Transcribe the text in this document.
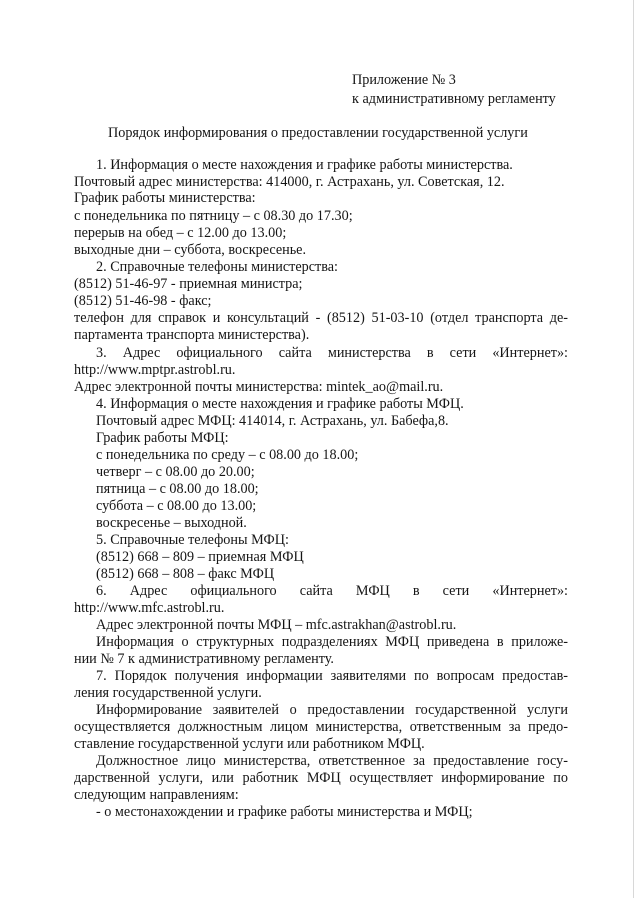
Приложение № 3
к административному регламенту
Порядок информирования о предоставлении государственной услуги
1. Информация о месте нахождения и графике работы министерства.
Почтовый адрес министерства: 414000, г. Астрахань, ул. Советская, 12.
График работы министерства:
с понедельника по пятницу – с 08.30 до 17.30;
перерыв на обед – с 12.00 до 13.00;
выходные дни – суббота, воскресенье.
2. Справочные телефоны министерства:
(8512) 51-46-97 - приемная министра;
(8512) 51-46-98 - факс;
телефон для справок и консультаций - (8512) 51-03-10 (отдел транспорта де-
партамента транспорта министерства).
3. Адрес официального сайта министерства в сети «Интернет»:
http://www.mptpr.astrobl.ru.
Адрес электронной почты министерства: mintek_ao@mail.ru.
4. Информация о месте нахождения и графике работы МФЦ.
Почтовый адрес МФЦ: 414014, г. Астрахань, ул. Бабефа,8.
График работы МФЦ:
с понедельника по среду – с 08.00 до 18.00;
четверг – с 08.00 до 20.00;
пятница – с 08.00 до 18.00;
суббота – с 08.00 до 13.00;
воскресенье – выходной.
5. Справочные телефоны МФЦ:
(8512) 668 – 809 – приемная МФЦ
(8512) 668 – 808 – факс МФЦ
6. Адрес официального сайта МФЦ в сети «Интернет»:
http://www.mfc.astrobl.ru.
Адрес электронной почты МФЦ – mfc.astrakhan@astrobl.ru.
Информация о структурных подразделениях МФЦ приведена в приложе-
нии № 7 к административному регламенту.
7. Порядок получения информации заявителями по вопросам предостав-
ления государственной услуги.
Информирование заявителей о предоставлении государственной услуги
осуществляется должностным лицом министерства, ответственным за предо-
ставление государственной услуги или работником МФЦ.
Должностное лицо министерства, ответственное за предоставление госу-
дарственной услуги, или работник МФЦ осуществляет информирование по
следующим направлениям:
- о местонахождении и графике работы министерства и МФЦ;
